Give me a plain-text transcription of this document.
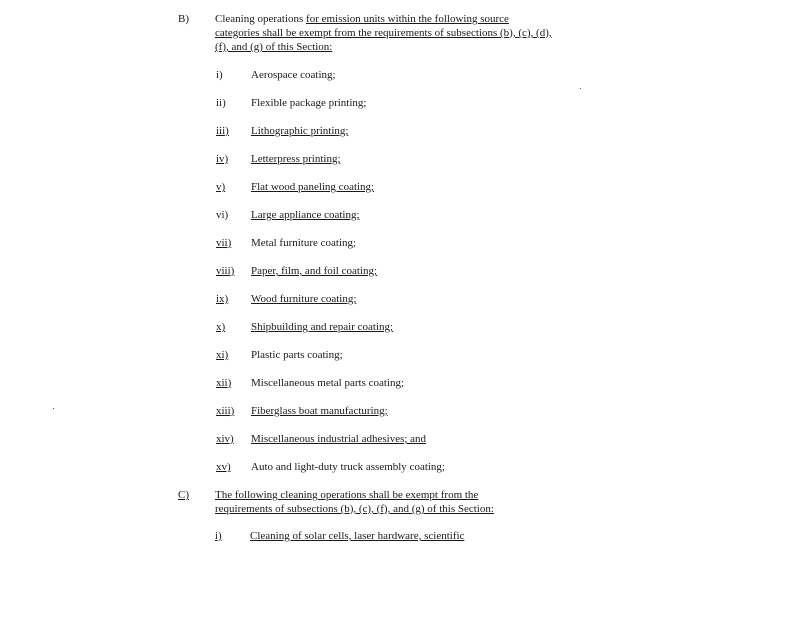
B) Cleaning operations for emission units within the following source categories shall be exempt from the requirements of subsections (b), (c), (d), (f), and (g) of this Section:
i)	Aerospace coating;
ii) Flexible package printing;
iii) Lithographic printing;
iv) Letterpress printing;
v) Flat wood paneling coating;
vi) Large appliance coating;
vii) Metal furniture coating;
viii) Paper, film, and foil coating;
ix) Wood furniture coating;
x) Shipbuilding and repair coating;
xi) Plastic parts coating;
xii) Miscellaneous metal parts coating;
xiii) Fiberglass boat manufacturing;
xiv) Miscellaneous industrial adhesives; and
xv) Auto and light-duty truck assembly coating;
C) The following cleaning operations shall be exempt from the requirements of subsections (b), (c), (f), and (g) of this Section:
i)	Cleaning of solar cells, laser hardware, scientific
